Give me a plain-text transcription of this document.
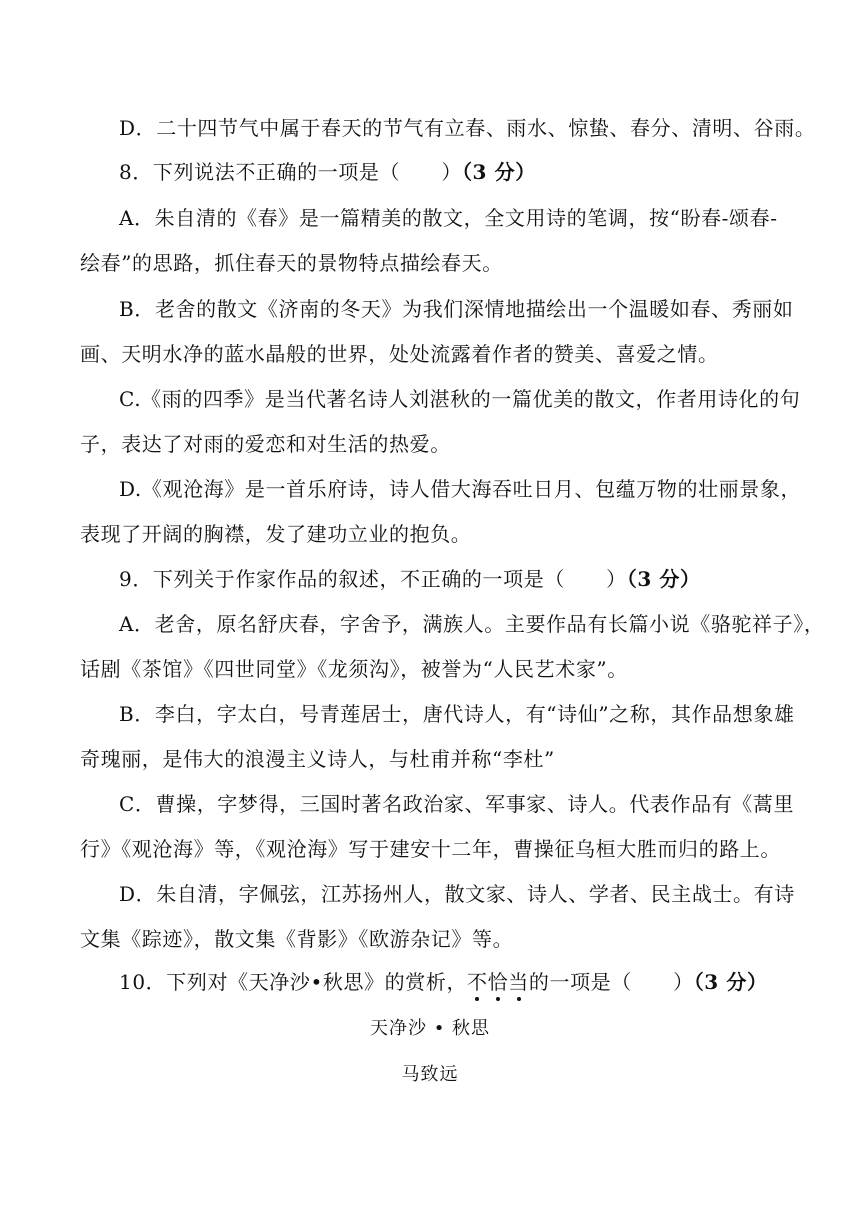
D．二十四节气中属于春天的节气有立春、雨水、惊蛰、春分、清明、谷雨。
8．下列说法不正确的一项是（　　）（3 分）
A．朱自清的《春》是一篇精美的散文，全文用诗的笔调，按“盼春-颂春-
绘春”的思路，抓住春天的景物特点描绘春天。
B．老舍的散文《济南的冬天》为我们深情地描绘出一个温暖如春、秀丽如
画、天明水净的蓝水晶般的世界，处处流露着作者的赞美、喜爱之情。
C.《雨的四季》是当代著名诗人刘湛秋的一篇优美的散文，作者用诗化的句
子，表达了对雨的爱恋和对生活的热爱。
D.《观沧海》是一首乐府诗，诗人借大海吞吐日月、包蕴万物的壮丽景象，
表现了开阔的胸襟，发了建功立业的抱负。
9．下列关于作家作品的叙述，不正确的一项是（　　）（3 分）
A．老舍，原名舒庆春，字舍予，满族人。主要作品有长篇小说《骆驼祥子》，
话剧《茶馆》《四世同堂》《龙须沟》，被誉为“人民艺术家”。
B．李白，字太白，号青莲居士，唐代诗人，有“诗仙”之称，其作品想象雄
奇瑰丽，是伟大的浪漫主义诗人，与杜甫并称“李杜”
C．曹操，字梦得，三国时著名政治家、军事家、诗人。代表作品有《蒿里
行》《观沧海》等，《观沧海》写于建安十二年，曹操征乌桓大胜而归的路上。
D．朱自清，字佩弦，江苏扬州人，散文家、诗人、学者、民主战士。有诗
文集《踪迹》，散文集《背影》《欧游杂记》等。
10．下列对《天净沙•秋思》的赏析，不恰当的一项是（　　）（3 分）
天净沙 • 秋思
马致远
